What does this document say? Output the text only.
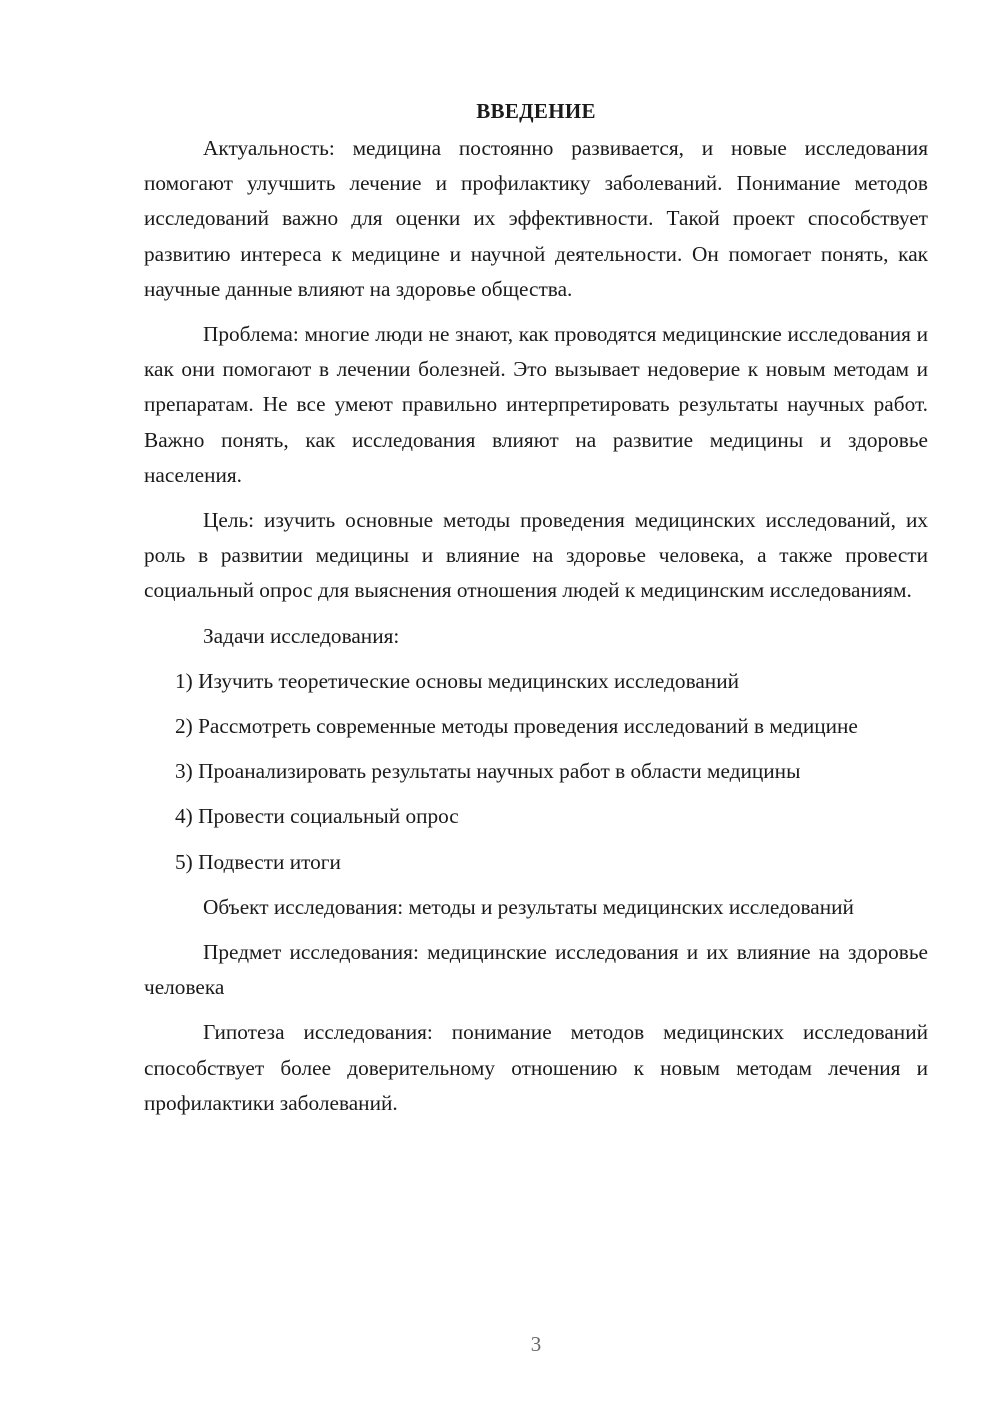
ВВЕДЕНИЕ

Актуальность: медицина постоянно развивается, и новые исследования помогают улучшить лечение и профилактику заболеваний. Понимание методов исследований важно для оценки их эффективности. Такой проект способствует развитию интереса к медицине и научной деятельности. Он помогает понять, как научные данные влияют на здоровье общества.

Проблема: многие люди не знают, как проводятся медицинские исследования и как они помогают в лечении болезней. Это вызывает недоверие к новым методам и препаратам. Не все умеют правильно интерпретировать результаты научных работ. Важно понять, как исследования влияют на развитие медицины и здоровье населения.

Цель: изучить основные методы проведения медицинских исследований, их роль в развитии медицины и влияние на здоровье человека, а также провести социальный опрос для выяснения отношения людей к медицинским исследованиям.

Задачи исследования:

1) Изучить теоретические основы медицинских исследований

2) Рассмотреть современные методы проведения исследований в медицине

3) Проанализировать результаты научных работ в области медицины

4) Провести социальный опрос

5) Подвести итоги

Объект исследования: методы и результаты медицинских исследований

Предмет исследования: медицинские исследования и их влияние на здоровье человека

Гипотеза исследования: понимание методов медицинских исследований способствует более доверительному отношению к новым методам лечения и профилактики заболеваний.

3
